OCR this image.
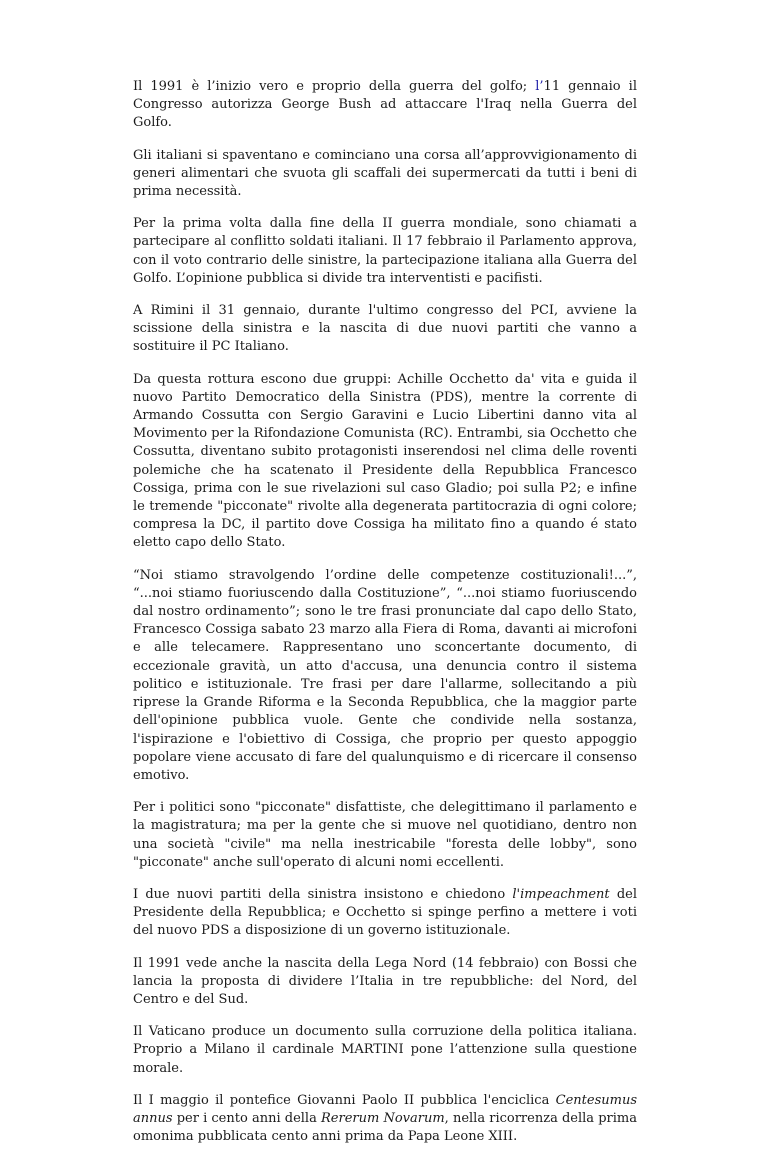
Il 1991 è l’inizio vero e proprio della guerra del golfo; l’11 gennaio il Congresso autorizza George Bush ad attaccare l'Iraq nella Guerra del Golfo.

Gli italiani si spaventano e cominciano una corsa all’approvvigionamento di generi alimentari che svuota gli scaffali dei supermercati da tutti i beni di prima necessità.

Per la prima volta dalla fine della II guerra mondiale, sono chiamati a partecipare al conflitto soldati italiani. Il 17 febbraio il Parlamento approva, con il voto contrario delle sinistre, la partecipazione italiana alla Guerra del Golfo. L’opinione pubblica si divide tra interventisti e pacifisti.

A Rimini il 31 gennaio, durante l'ultimo congresso del PCI, avviene la scissione della sinistra e la nascita di due nuovi partiti che vanno a sostituire il PC Italiano.

Da questa rottura escono due gruppi: Achille Occhetto da' vita e guida il nuovo Partito Democratico della Sinistra (PDS), mentre la corrente di Armando Cossutta con Sergio Garavini e Lucio Libertini danno vita al Movimento per la Rifondazione Comunista (RC). Entrambi, sia Occhetto che Cossutta, diventano subito protagonisti inserendosi nel clima delle roventi polemiche che ha scatenato il Presidente della Repubblica Francesco Cossiga, prima con le sue rivelazioni sul caso Gladio; poi sulla P2; e infine le tremende "picconate" rivolte alla degenerata partitocrazia di ogni colore; compresa la DC, il partito dove Cossiga ha militato fino a quando é stato eletto capo dello Stato.

“Noi stiamo stravolgendo l’ordine delle competenze costituzionali!...”, “...noi stiamo fuoriuscendo dalla Costituzione”, “...noi stiamo fuoriuscendo dal nostro ordinamento”; sono le tre frasi pronunciate dal capo dello Stato, Francesco Cossiga sabato 23 marzo alla Fiera di Roma, davanti ai microfoni e alle telecamere. Rappresentano uno sconcertante documento, di eccezionale gravità, un atto d'accusa, una denuncia contro il sistema politico e istituzionale. Tre frasi per dare l'allarme, sollecitando a più riprese la Grande Riforma e la Seconda Repubblica, che la maggior parte dell'opinione pubblica vuole. Gente che condivide nella sostanza, l'ispirazione e l'obiettivo di Cossiga, che proprio per questo appoggio popolare viene accusato di fare del qualunquismo e di ricercare il consenso emotivo.

Per i politici sono "picconate" disfattiste, che delegittimano il parlamento e la magistratura; ma per la gente che si muove nel quotidiano, dentro non una società "civile" ma nella inestricabile "foresta delle lobby", sono "picconate" anche sull'operato di alcuni nomi eccellenti.

I due nuovi partiti della sinistra insistono e chiedono l'impeachment del Presidente della Repubblica; e Occhetto si spinge perfino a mettere i voti del nuovo PDS a disposizione di un governo istituzionale.

Il 1991 vede anche la nascita della Lega Nord (14 febbraio) con Bossi che lancia la proposta di dividere l’Italia in tre repubbliche: del Nord, del Centro e del Sud.

Il Vaticano produce un documento sulla corruzione della politica italiana. Proprio a Milano il cardinale MARTINI pone l’attenzione sulla questione morale.

Il I maggio il pontefice Giovanni Paolo II pubblica l'enciclica Centesumus annus per i cento anni della Rererum Novarum, nella ricorrenza della prima omonima pubblicata cento anni prima da Papa Leone XIII.
